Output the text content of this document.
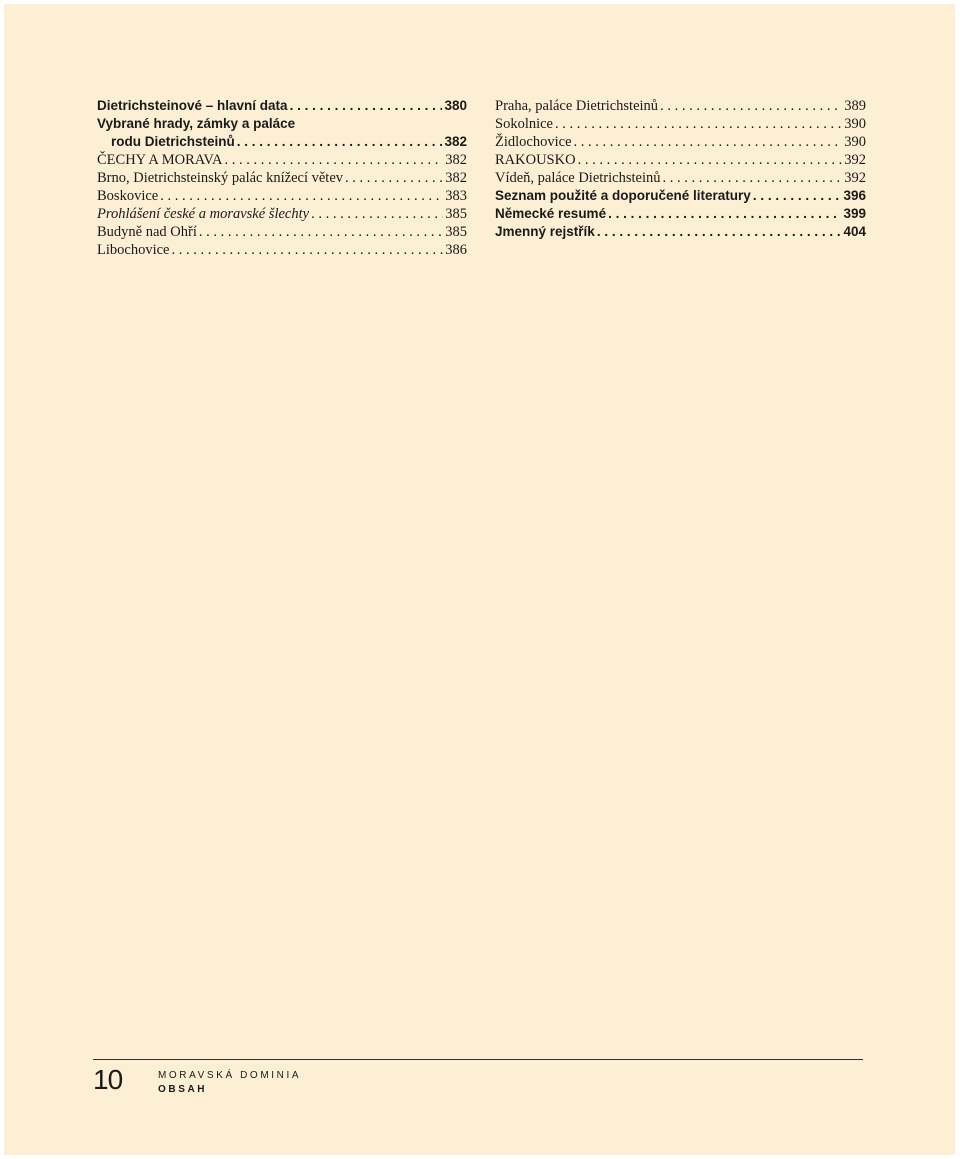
Dietrichsteinové – hlavní data . . .	380
Vybrané hrady, zámky a paláce
rodu Dietrichsteinů . . .	382
ČECHY A MORAVA . . .	382
Brno, Dietrichsteinský palác knížecí větev . . .	382
Boskovice . . .	383
Prohlášení české a moravské šlechty . . .	385
Budyně nad Ohří . . .	385
Libochovice . . .	386
Praha, paláce Dietrichsteinů . . .	389
Sokolnice . . .	390
Židlochovice . . .	390
RAKOUSKO . . .	392
Vídeň, paláce Dietrichsteinů . . .	392
Seznam použité a doporučené literatury . . .	396
Německé resumé . . .	399
Jmenný rejstřík . . .	404
10	MORAVSKÁ DOMINIA
OBSAH
